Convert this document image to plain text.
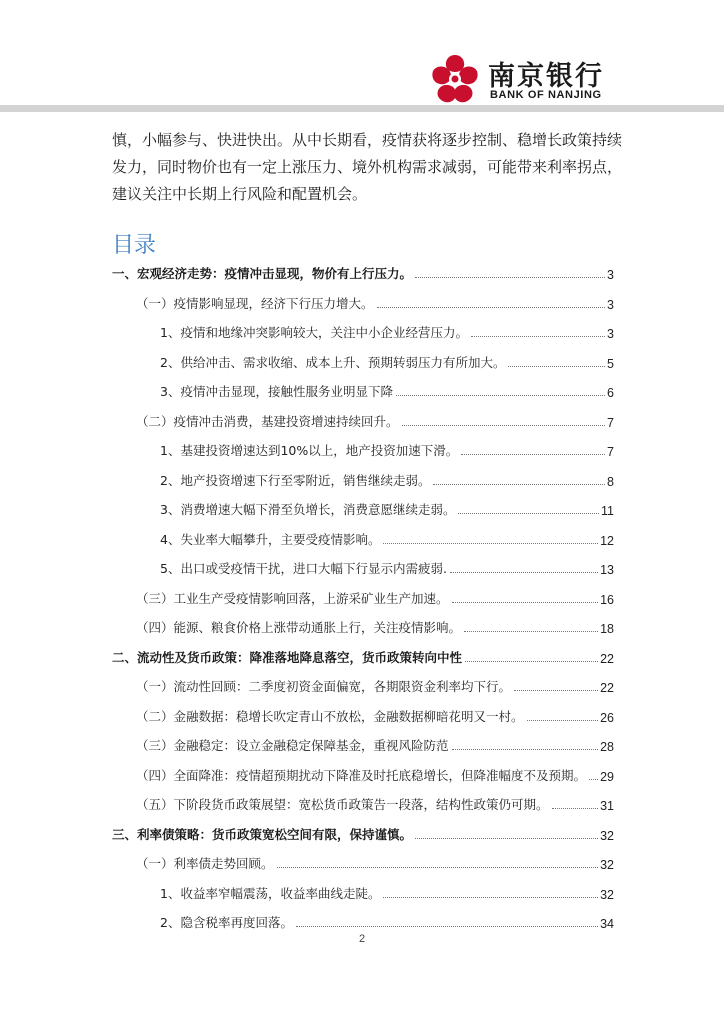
南京银行
BANK OF NANJING
慎，小幅参与、快进快出。从中长期看，疫情获将逐步控制、稳增长政策持续发力，同时物价也有一定上涨压力、境外机构需求减弱，可能带来利率拐点，建议关注中长期上行风险和配置机会。
目录
一、宏观经济走势：疫情冲击显现，物价有上行压力。	3
（一）疫情影响显现，经济下行压力增大。	3
1、疫情和地缘冲突影响较大，关注中小企业经营压力。	3
2、供给冲击、需求收缩、成本上升、预期转弱压力有所加大。	5
3、疫情冲击显现，接触性服务业明显下降	6
（二）疫情冲击消费，基建投资增速持续回升。	7
1、基建投资增速达到10%以上，地产投资加速下滑。	7
2、地产投资增速下行至零附近，销售继续走弱。	8
3、消费增速大幅下滑至负增长，消费意愿继续走弱。	11
4、失业率大幅攀升，主要受疫情影响。	12
5、出口或受疫情干扰，进口大幅下行显示内需疲弱.	13
（三）工业生产受疫情影响回落，上游采矿业生产加速。	16
（四）能源、粮食价格上涨带动通胀上行，关注疫情影响。	18
二、流动性及货币政策：降准落地降息落空，货币政策转向中性	22
（一）流动性回顾：二季度初资金面偏宽，各期限资金利率均下行。	22
（二）金融数据：稳增长吹定青山不放松，金融数据柳暗花明又一村。	26
（三）金融稳定：设立金融稳定保障基金，重视风险防范	28
（四）全面降准：疫情超预期扰动下降准及时托底稳增长，但降准幅度不及预期。 29
（五）下阶段货币政策展望：宽松货币政策告一段落，结构性政策仍可期。	31
三、利率债策略：货币政策宽松空间有限，保持谨慎。	32
（一）利率债走势回顾。	32
1、收益率窄幅震荡，收益率曲线走陡。	32
2、隐含税率再度回落。	34
2
